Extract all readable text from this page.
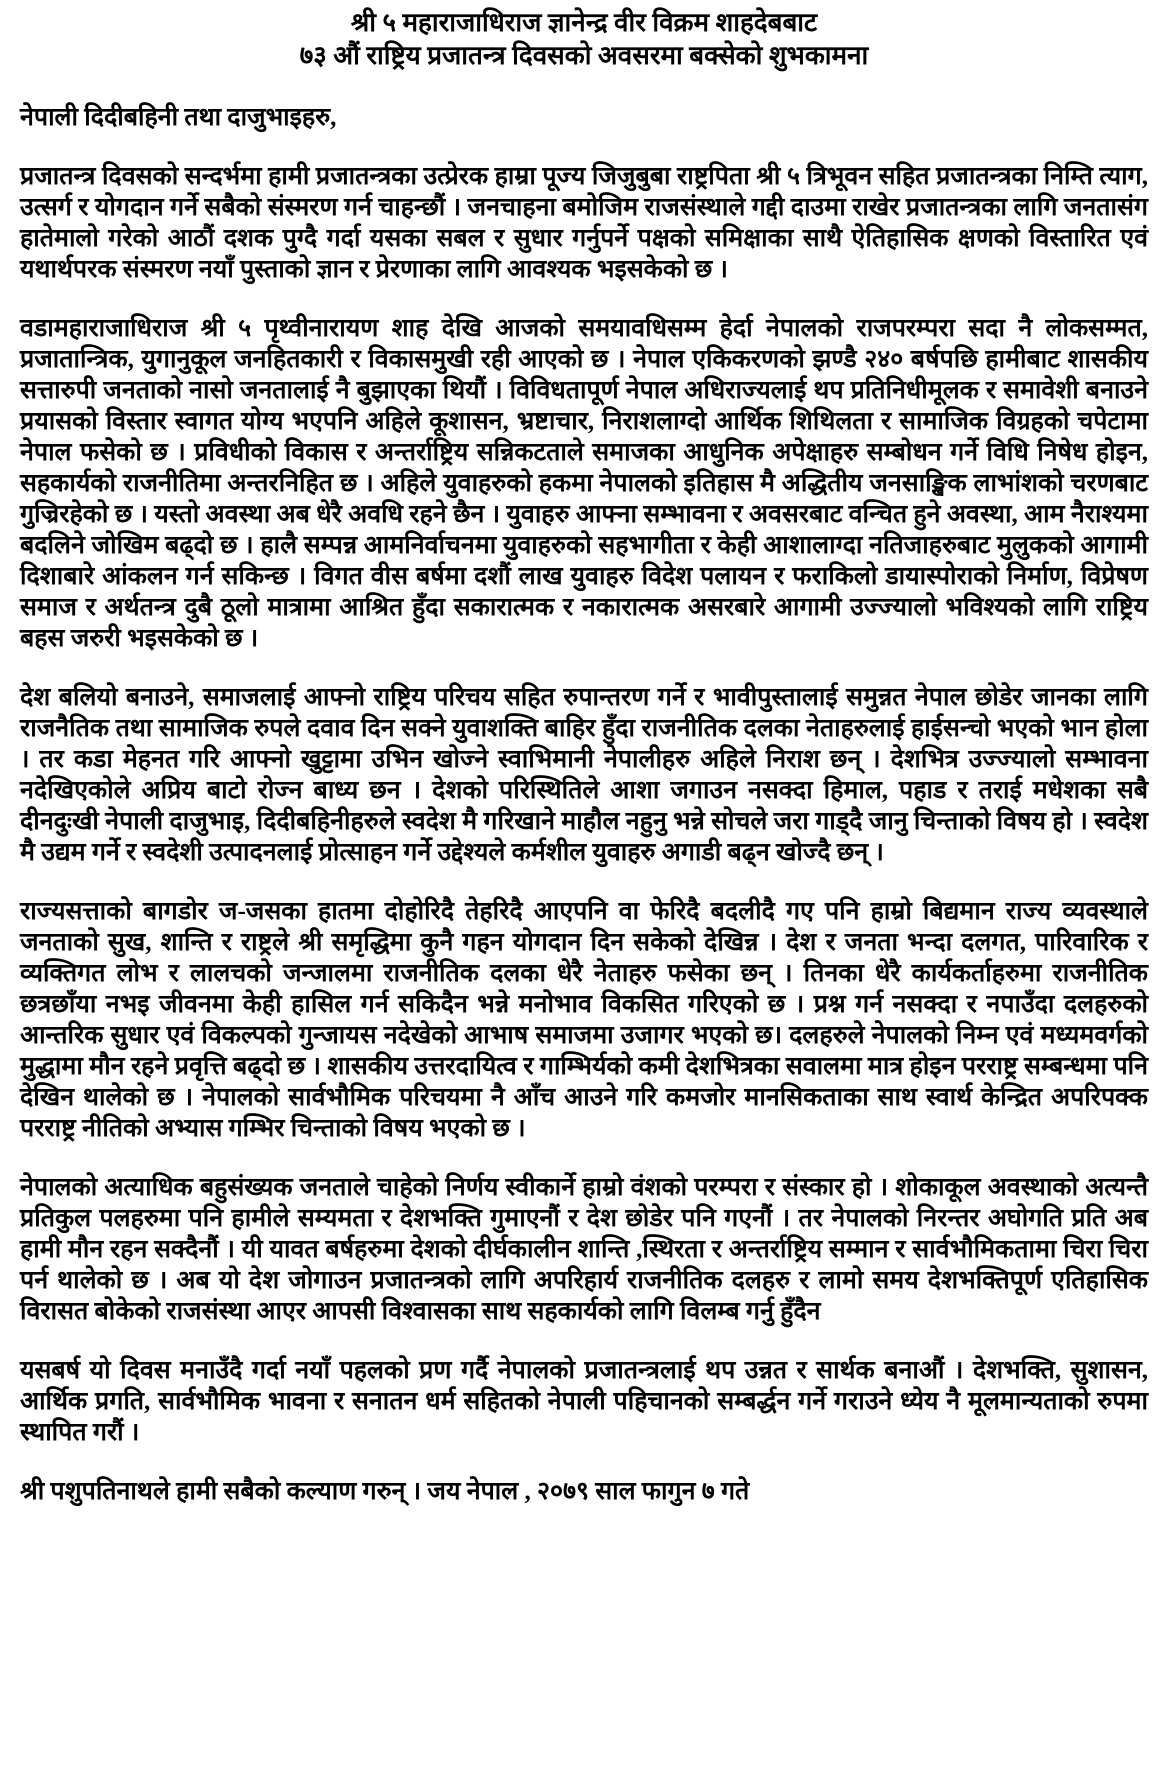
श्री ५ महाराजाधिराज ज्ञानेन्द्र वीर विक्रम शाहदेबबाट
७३ औं राष्ट्रिय प्रजातन्त्र दिवसको अवसरमा बक्सेको शुभकामना

नेपाली दिदीबहिनी तथा दाजुभाइहरु,

प्रजातन्त्र दिवसको सन्दर्भमा हामी प्रजातन्त्रका उत्प्रेरक हाम्रा पूज्य जिजुबुबा राष्ट्रपिता श्री ५ त्रिभूवन सहित प्रजातन्त्रका निम्ति त्याग, उत्सर्ग र योगदान गर्ने सबैको संस्मरण गर्न चाहन्छौं । जनचाहना बमोजिम राजसंस्थाले गद्दी दाउमा राखेर प्रजातन्त्रका लागि जनतासंग हातेमालो गरेको आठौं दशक पुग्दै गर्दा यसका सबल र सुधार गर्नुपर्ने पक्षको समिक्षाका साथै ऐतिहासिक क्षणको विस्तारित एवं यथार्थपरक संस्मरण नयाँ पुस्ताको ज्ञान र प्रेरणाका लागि आवश्यक भइसकेको छ ।

वडामहाराजाधिराज श्री ५ पृथ्वीनारायण शाह देखि आजको समयावधिसम्म हेर्दा नेपालको राजपरम्परा सदा नै लोकसम्मत, प्रजातान्त्रिक, युगानुकूल जनहितकारी र विकासमुखी रही आएको छ । नेपाल एकिकरणको झण्डै २४० बर्षपछि हामीबाट शासकीय सत्तारुपी जनताको नासो जनतालाई नै बुझाएका थियौं । विविधतापूर्ण नेपाल अधिराज्यलाई थप प्रतिनिधीमूलक र समावेशी बनाउने प्रयासको विस्तार स्वागत योग्य भएपनि अहिले कूशासन, भ्रष्टाचार, निराशलाग्दो आर्थिक शिथिलता र सामाजिक विग्रहको चपेटामा नेपाल फसेको छ । प्रविधीको विकास र अन्तर्राष्ट्रिय सन्निकटताले समाजका आधुनिक अपेक्षाहरु सम्बोधन गर्ने विधि निषेध होइन, सहकार्यको राजनीतिमा अन्तरनिहित छ । अहिले युवाहरुको हकमा नेपालको इतिहास मै अद्धितीय जनसाङ्खिक लाभांशको चरणबाट गुज्रिरहेको छ । यस्तो अवस्था अब धेरै अवधि रहने छैन । युवाहरु आफ्ना सम्भावना र अवसरबाट वन्चित हुने अवस्था, आम नैराश्यमा बदलिने जोखिम बढ्दो छ । हालै सम्पन्न आमनिर्वाचनमा युवाहरुको सहभागीता र केही आशालाग्दा नतिजाहरुबाट मुलुकको आगामी दिशाबारे आंकलन गर्न सकिन्छ । विगत वीस बर्षमा दशौं लाख युवाहरु विदेश पलायन र फराकिलो डायास्पोराको निर्माण, विप्रेषण समाज र अर्थतन्त्र दुबै ठूलो मात्रामा आश्रित हुँदा सकारात्मक र नकारात्मक असरबारे आगामी उज्ज्यालो भविश्यको लागि राष्ट्रिय बहस जरुरी भइसकेको छ ।

देश बलियो बनाउने, समाजलाई आफ्नो राष्ट्रिय परिचय सहित रुपान्तरण गर्ने र भावीपुस्तालाई समुन्नत नेपाल छोडेर जानका लागि राजनैतिक तथा सामाजिक रुपले दवाव दिन सक्ने युवाशक्ति बाहिर हुँदा राजनीतिक दलका नेताहरुलाई हाईसन्चो भएको भान होला । तर कडा मेहनत गरि आफ्नो खुट्टामा उभिन खोज्ने स्वाभिमानी नेपालीहरु अहिले निराश छन् । देशभित्र उज्ज्यालो सम्भावना नदेखिएकोले अप्रिय बाटो रोज्न बाध्य छन । देशको परिस्थितिले आशा जगाउन नसक्दा हिमाल, पहाड र तराई मधेशका सबै दीनदुःखी नेपाली दाजुभाइ, दिदीबहिनीहरुले स्वदेश मै गरिखाने माहौल नहुनु भन्ने सोचले जरा गाड्दै जानु चिन्ताको विषय हो । स्वदेश मै उद्यम गर्ने र स्वदेशी उत्पादनलाई प्रोत्साहन गर्ने उद्देश्यले कर्मशील युवाहरु अगाडी बढ्न खोज्दै छन् ।

राज्यसत्ताको बागडोर ज-जसका हातमा दोहोरिदै तेहरिदै आएपनि वा फेरिदै बदलीदै गए पनि हाम्रो बिद्यमान राज्य व्यवस्थाले जनताको सुख, शान्ति र राष्ट्रले श्री समृद्धिमा कुनै गहन योगदान दिन सकेको देखिन्न । देश र जनता भन्दा दलगत, पारिवारिक र व्यक्तिगत लोभ र लालचको जन्जालमा राजनीतिक दलका धेरै नेताहरु फसेका छन् । तिनका धेरै कार्यकर्ताहरुमा राजनीतिक छत्रछाँया नभइ जीवनमा केही हासिल गर्न सकिदैन भन्ने मनोभाव विकसित गरिएको छ । प्रश्न गर्न नसक्दा र नपाउँदा दलहरुको आन्तरिक सुधार एवं विकल्पको गुन्जायस नदेखेको आभाष समाजमा उजागर भएको छ। दलहरुले नेपालको निम्न एवं मध्यमवर्गको मुद्धामा मौन रहने प्रवृत्ति बढ्दो छ । शासकीय उत्तरदायित्व र गाम्भिर्यको कमी देशभित्रका सवालमा मात्र होइन परराष्ट्र सम्बन्धमा पनि देखिन थालेको छ । नेपालको सार्वभौमिक परिचयमा नै आँच आउने गरि कमजोर मानसिकताका साथ स्वार्थ केन्द्रित अपरिपक्क परराष्ट्र नीतिको अभ्यास गम्भिर चिन्ताको विषय भएको छ ।

नेपालको अत्याधिक बहुसंख्यक जनताले चाहेको निर्णय स्वीकार्ने हाम्रो वंशको परम्परा र संस्कार हो । शोकाकूल अवस्थाको अत्यन्तै प्रतिकुल पलहरुमा पनि हामीले सम्यमता र देशभक्ति गुमाएनौं र देश छोडेर पनि गएनौं । तर नेपालको निरन्तर अघोगति प्रति अब हामी मौन रहन सक्दैनौं । यी यावत बर्षहरुमा देशको दीर्घकालीन शान्ति ,स्थिरता र अन्तर्राष्ट्रिय सम्मान र सार्वभौमिकतामा चिरा चिरा पर्न थालेको छ । अब यो देश जोगाउन प्रजातन्त्रको लागि अपरिहार्य राजनीतिक दलहरु र लामो समय देशभक्तिपूर्ण एतिहासिक विरासत बोकेको राजसंस्था आएर आपसी विश्वासका साथ सहकार्यको लागि विलम्ब गर्नु हुँदैन

यसबर्ष यो दिवस मनाउँदै गर्दा नयाँ पहलको प्रण गर्दै नेपालको प्रजातन्त्रलाई थप उन्नत र सार्थक बनाऔं । देशभक्ति, सुशासन, आर्थिक प्रगति, सार्वभौमिक भावना र सनातन धर्म सहितको नेपाली पहिचानको सम्बर्द्धन गर्ने गराउने ध्येय नै मूलमान्यताको रुपमा स्थापित गरौं ।

श्री पशुपतिनाथले हामी सबैको कल्याण गरुन् । जय नेपाल , २०७९ साल फागुन ७ गते
